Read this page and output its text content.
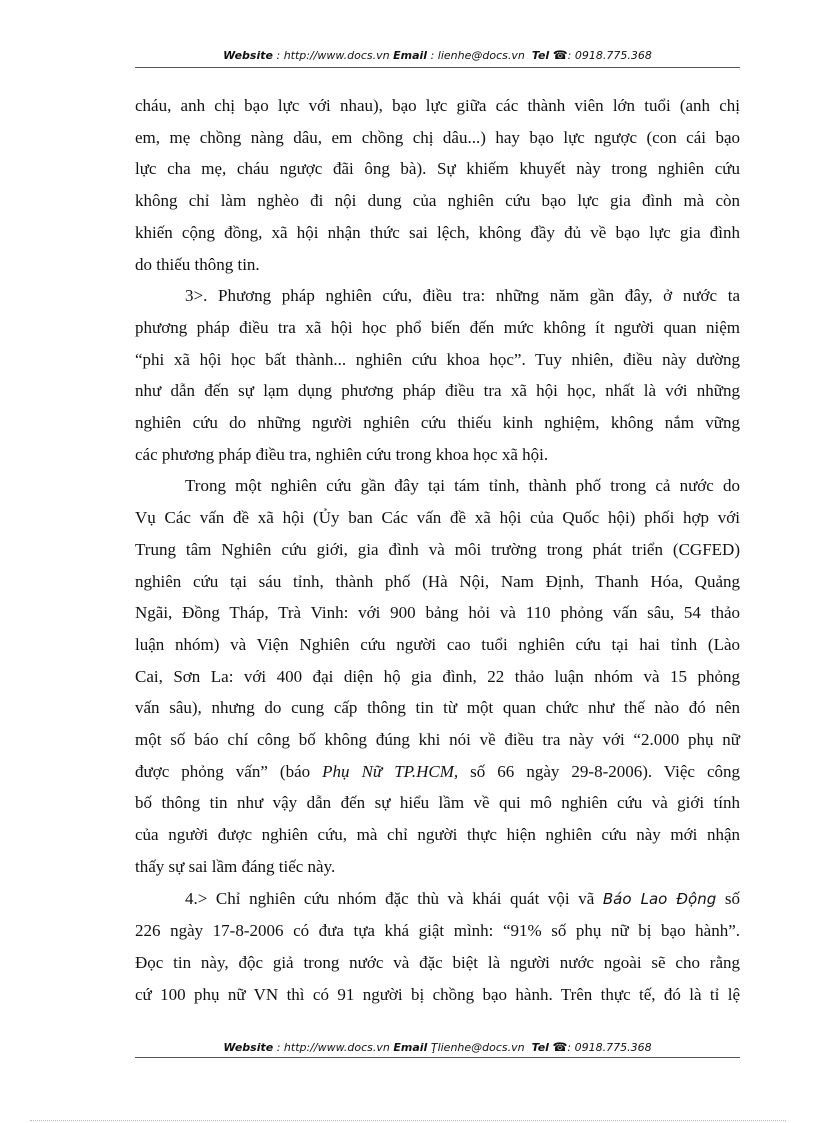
Website : http://www.docs.vn Email : lienhe@docs.vn Tel ☎: 0918.775.368
cháu, anh chị bạo lực với nhau), bạo lực giữa các thành viên lớn tuổi (anh chị
em, mẹ chồng nàng dâu, em chồng chị dâu...) hay bạo lực ngược (con cái bạo
lực cha mẹ, cháu ngược đãi ông bà). Sự khiếm khuyết này trong nghiên cứu
không chỉ làm nghèo đi nội dung của nghiên cứu bạo lực gia đình mà còn
khiến cộng đồng, xã hội nhận thức sai lệch, không đầy đủ về bạo lực gia đình
do thiếu thông tin.
3>. Phương pháp nghiên cứu, điều tra: những năm gần đây, ở nước ta
phương pháp điều tra xã hội học phổ biến đến mức không ít người quan niệm
“phi xã hội học bất thành... nghiên cứu khoa học”. Tuy nhiên, điều này dường
như dẫn đến sự lạm dụng phương pháp điều tra xã hội học, nhất là với những
nghiên cứu do những người nghiên cứu thiếu kinh nghiệm, không nắm vững
các phương pháp điều tra, nghiên cứu trong khoa học xã hội.
Trong một nghiên cứu gần đây tại tám tỉnh, thành phố trong cả nước do
Vụ Các vấn đề xã hội (Ủy ban Các vấn đề xã hội của Quốc hội) phối hợp với
Trung tâm Nghiên cứu giới, gia đình và môi trường trong phát triển (CGFED)
nghiên cứu tại sáu tỉnh, thành phố (Hà Nội, Nam Định, Thanh Hóa, Quảng
Ngãi, Đồng Tháp, Trà Vinh: với 900 bảng hỏi và 110 phỏng vấn sâu, 54 thảo
luận nhóm) và Viện Nghiên cứu người cao tuổi nghiên cứu tại hai tỉnh (Lào
Cai, Sơn La: với 400 đại diện hộ gia đình, 22 thảo luận nhóm và 15 phỏng
vấn sâu), nhưng do cung cấp thông tin từ một quan chức như thế nào đó nên
một số báo chí công bố không đúng khi nói về điều tra này với “2.000 phụ nữ
được phỏng vấn” (báo Phụ Nữ TP.HCM, số 66 ngày 29-8-2006). Việc công
bố thông tin như vậy dẫn đến sự hiểu lầm về qui mô nghiên cứu và giới tính
của người được nghiên cứu, mà chỉ người thực hiện nghiên cứu này mới nhận
thấy sự sai lầm đáng tiếc này.
4.> Chỉ nghiên cứu nhóm đặc thù và khái quát vội vã Báo Lao Động số
226 ngày 17-8-2006 có đưa tựa khá giật mình: “91% số phụ nữ bị bạo hành”.
Đọc tin này, độc giả trong nước và đặc biệt là người nước ngoài sẽ cho rằng
cứ 100 phụ nữ VN thì có 91 người bị chồng bạo hành. Trên thực tế, đó là tỉ lệ
Website : http://www.docs.vn Email Ţlienhe@docs.vn Tel ☎: 0918.775.368
